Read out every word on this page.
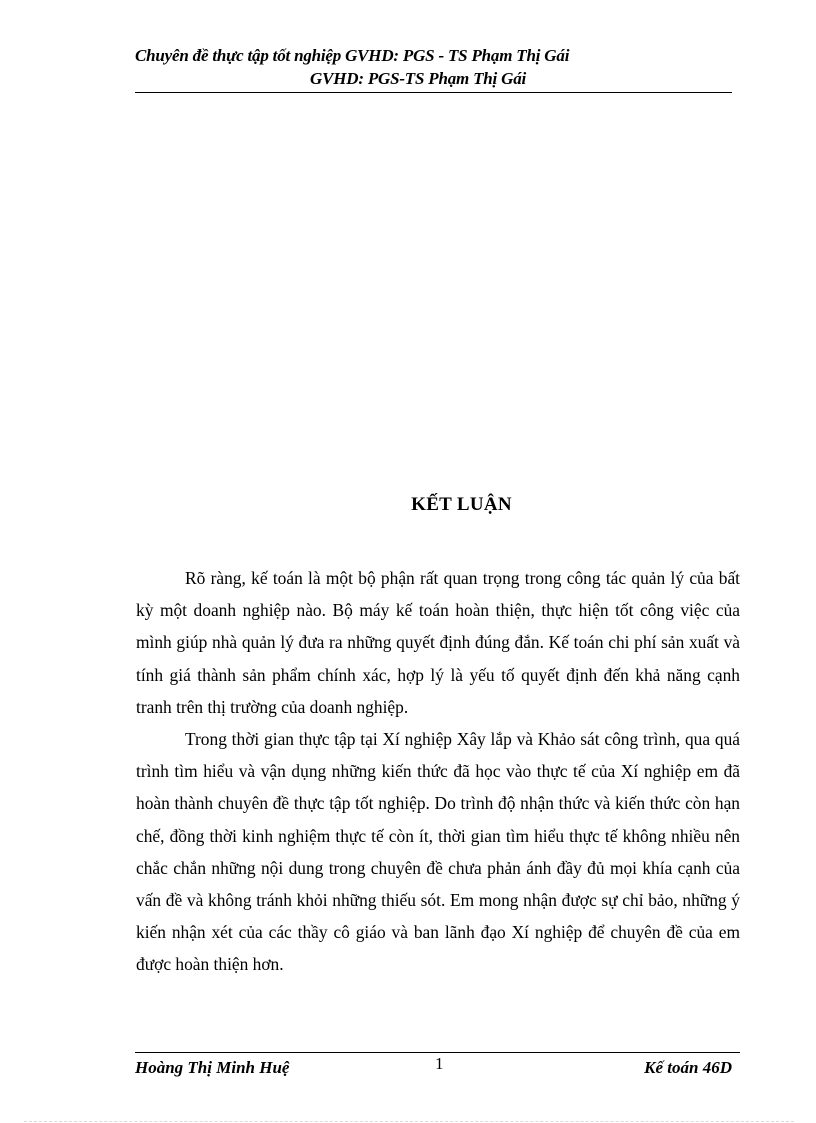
Chuyên đề thực tập tốt nghiệp GVHD: PGS - TS Phạm Thị Gái
GVHD: PGS-TS Phạm Thị Gái
KẾT LUẬN

Rõ ràng, kế toán là một bộ phận rất quan trọng trong công tác quản lý của bất kỳ một doanh nghiệp nào. Bộ máy kế toán hoàn thiện, thực hiện tốt công việc của mình giúp nhà quản lý đưa ra những quyết định đúng đắn. Kế toán chi phí sản xuất và tính giá thành sản phẩm chính xác, hợp lý là yếu tố quyết định đến khả năng cạnh tranh trên thị trường của doanh nghiệp.

Trong thời gian thực tập tại Xí nghiệp Xây lắp và Khảo sát công trình, qua quá trình tìm hiểu và vận dụng những kiến thức đã học vào thực tế của Xí nghiệp em đã hoàn thành chuyên đề thực tập tốt nghiệp. Do trình độ nhận thức và kiến thức còn hạn chế, đồng thời kinh nghiệm thực tế còn ít, thời gian tìm hiểu thực tế không nhiều nên chắc chắn những nội dung trong chuyên đề chưa phản ánh đầy đủ mọi khía cạnh của vấn đề và không tránh khỏi những thiếu sót. Em mong nhận được sự chỉ bảo, những ý kiến nhận xét của các thầy cô giáo và ban lãnh đạo Xí nghiệp để chuyên đề của em được hoàn thiện hơn.

Hoàng Thị Minh Huệ	1	Kế toán 46D
